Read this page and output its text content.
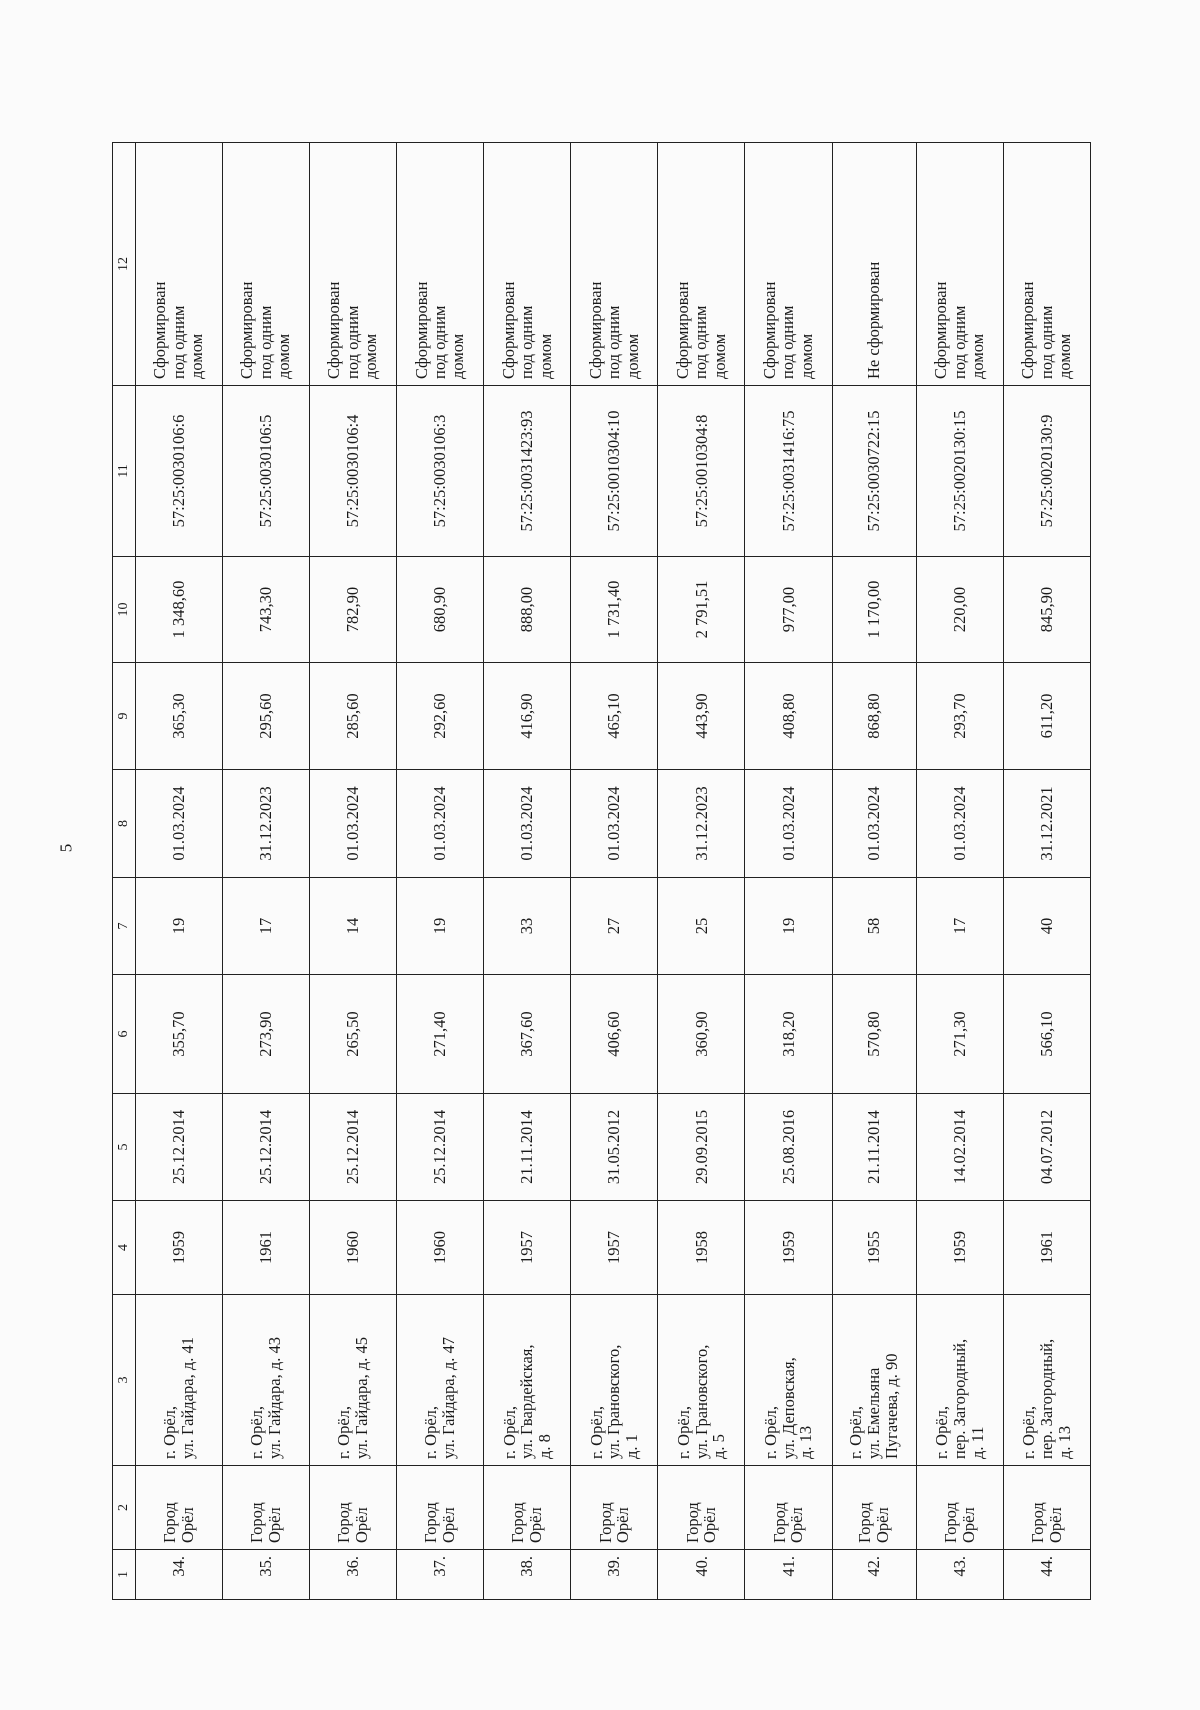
5
1	2	3	4	5	6	7	8	9	10	11	12
34.	Город
Орёл	г. Орёл,
ул. Гайдара, д. 41	1959	25.12.2014	355,70	19	01.03.2024	365,30	1 348,60	57:25:0030106:6	Сформирован
под одним
домом
35.	Город
Орёл	г. Орёл,
ул. Гайдара, д. 43	1961	25.12.2014	273,90	17	31.12.2023	295,60	743,30	57:25:0030106:5	Сформирован
под одним
домом
36.	Город
Орёл	г. Орёл,
ул. Гайдара, д. 45	1960	25.12.2014	265,50	14	01.03.2024	285,60	782,90	57:25:0030106:4	Сформирован
под одним
домом
37.	Город
Орёл	г. Орёл,
ул. Гайдара, д. 47	1960	25.12.2014	271,40	19	01.03.2024	292,60	680,90	57:25:0030106:3	Сформирован
под одним
домом
38.	Город
Орёл	г. Орёл,
ул. Гвардейская,
д. 8	1957	21.11.2014	367,60	33	01.03.2024	416,90	888,00	57:25:0031423:93	Сформирован
под одним
домом
39.	Город
Орёл	г. Орёл,
ул. Грановского,
д. 1	1957	31.05.2012	406,60	27	01.03.2024	465,10	1 731,40	57:25:0010304:10	Сформирован
под одним
домом
40.	Город
Орёл	г. Орёл,
ул. Грановского,
д. 5	1958	29.09.2015	360,90	25	31.12.2023	443,90	2 791,51	57:25:0010304:8	Сформирован
под одним
домом
41.	Город
Орёл	г. Орёл,
ул. Деповская,
д. 13	1959	25.08.2016	318,20	19	01.03.2024	408,80	977,00	57:25:0031416:75	Сформирован
под одним
домом
42.	Город
Орёл	г. Орёл,
ул. Емельяна
Пугачева, д. 90	1955	21.11.2014	570,80	58	01.03.2024	868,80	1 170,00	57:25:0030722:15	Не сформирован
43.	Город
Орёл	г. Орёл,
пер. Загородный,
д. 11	1959	14.02.2014	271,30	17	01.03.2024	293,70	220,00	57:25:0020130:15	Сформирован
под одним
домом
44.	Город
Орёл	г. Орёл,
пер. Загородный,
д. 13	1961	04.07.2012	566,10	40	31.12.2021	611,20	845,90	57:25:0020130:9	Сформирован
под одним
домом
